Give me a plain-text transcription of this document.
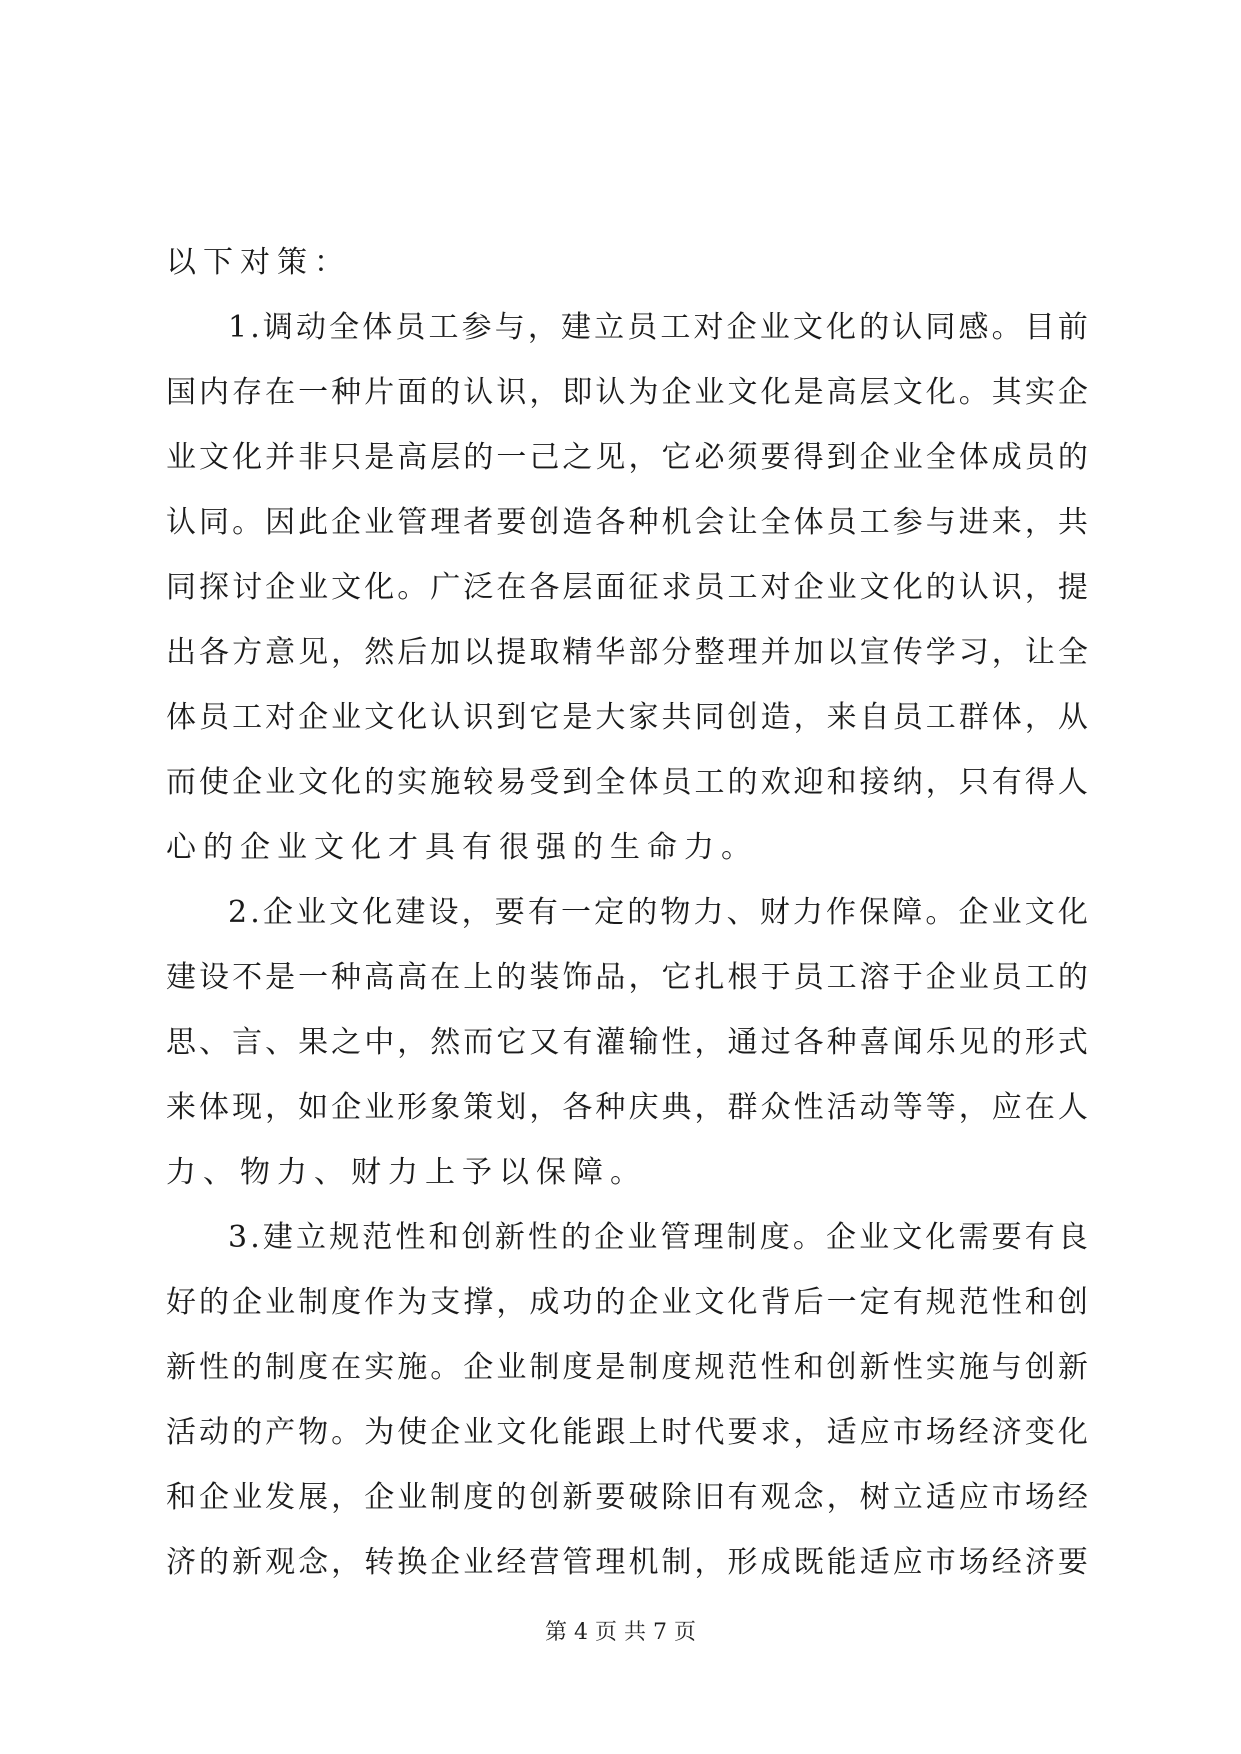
以 下 对 策 ：
1 . 调 动 全 体 员 工 参 与 ， 建 立 员 工 对 企 业 文 化 的 认 同 感 。 目 前
国 内 存 在 一 种 片 面 的 认 识 ， 即 认 为 企 业 文 化 是 高 层 文 化 。 其 实 企
业 文 化 并 非 只 是 高 层 的 一 己 之 见 ， 它 必 须 要 得 到 企 业 全 体 成 员 的
认 同 。 因 此 企 业 管 理 者 要 创 造 各 种 机 会 让 全 体 员 工 参 与 进 来 ， 共
同 探 讨 企 业 文 化 。 广 泛 在 各 层 面 征 求 员 工 对 企 业 文 化 的 认 识 ， 提
出 各 方 意 见 ， 然 后 加 以 提 取 精 华 部 分 整 理 并 加 以 宣 传 学 习 ， 让 全
体 员 工 对 企 业 文 化 认 识 到 它 是 大 家 共 同 创 造 ， 来 自 员 工 群 体 ， 从
而 使 企 业 文 化 的 实 施 较 易 受 到 全 体 员 工 的 欢 迎 和 接 纳 ， 只 有 得 人
心 的 企 业 文 化 才 具 有 很 强 的 生 命 力 。
2 . 企 业 文 化 建 设 ， 要 有 一 定 的 物 力 、 财 力 作 保 障 。 企 业 文 化
建 设 不 是 一 种 高 高 在 上 的 装 饰 品 ， 它 扎 根 于 员 工 溶 于 企 业 员 工 的
思 、 言 、 果 之 中 ， 然 而 它 又 有 灌 输 性 ， 通 过 各 种 喜 闻 乐 见 的 形 式
来 体 现 ， 如 企 业 形 象 策 划 ， 各 种 庆 典 ， 群 众 性 活 动 等 等 ， 应 在 人
力 、 物 力 、 财 力 上 予 以 保 障 。
3 . 建 立 规 范 性 和 创 新 性 的 企 业 管 理 制 度 。 企 业 文 化 需 要 有 良
好 的 企 业 制 度 作 为 支 撑 ， 成 功 的 企 业 文 化 背 后 一 定 有 规 范 性 和 创
新 性 的 制 度 在 实 施 。 企 业 制 度 是 制 度 规 范 性 和 创 新 性 实 施 与 创 新
活 动 的 产 物 。 为 使 企 业 文 化 能 跟 上 时 代 要 求 ， 适 应 市 场 经 济 变 化
和 企 业 发 展 ， 企 业 制 度 的 创 新 要 破 除 旧 有 观 念 ， 树 立 适 应 市 场 经
济 的 新 观 念 ， 转 换 企 业 经 营 管 理 机 制 ， 形 成 既 能 适 应 市 场 经 济 要
第 4 页 共 7 页
